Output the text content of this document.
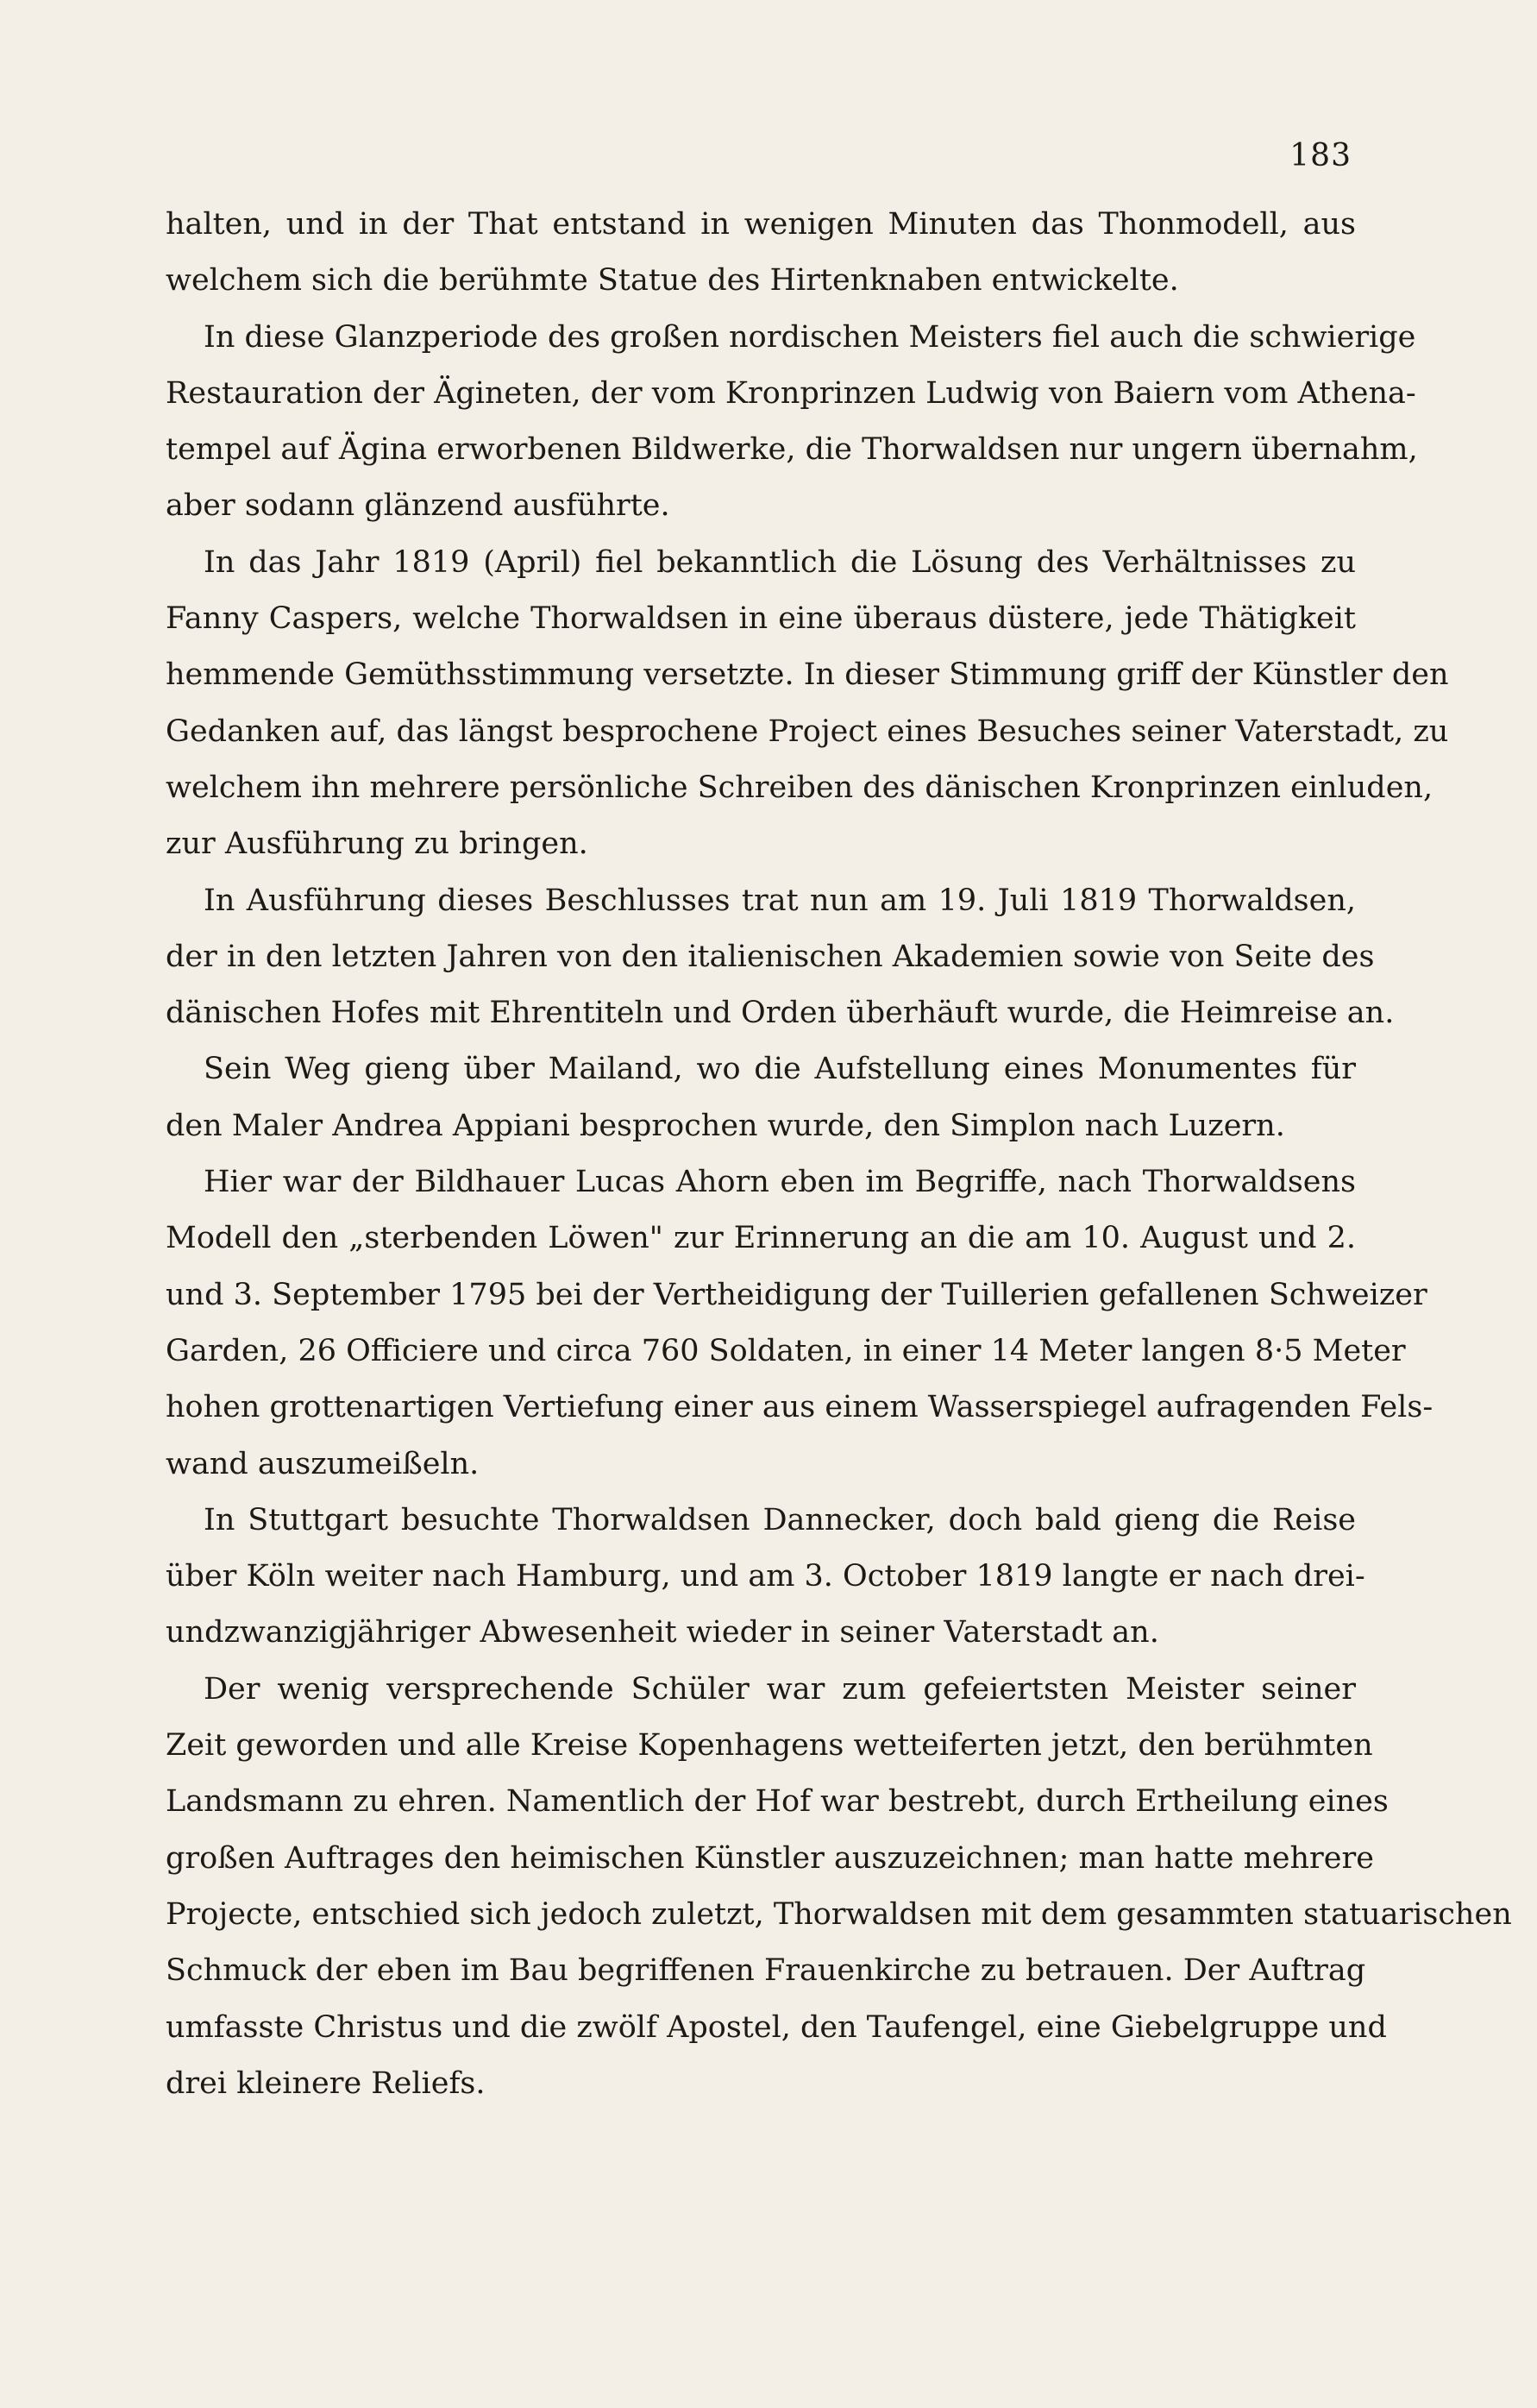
183
halten, und in der That entstand in wenigen Minuten das Thonmodell, aus
welchem sich die berühmte Statue des Hirtenknaben entwickelte.
In diese Glanzperiode des großen nordischen Meisters fiel auch die schwierige
Restauration der Ägineten, der vom Kronprinzen Ludwig von Baiern vom Athena-
tempel auf Ägina erworbenen Bildwerke, die Thorwaldsen nur ungern übernahm,
aber sodann glänzend ausführte.
In das Jahr 1819 (April) fiel bekanntlich die Lösung des Verhältnisses zu
Fanny Caspers, welche Thorwaldsen in eine überaus düstere, jede Thätigkeit
hemmende Gemüthsstimmung versetzte. In dieser Stimmung griff der Künstler den
Gedanken auf, das längst besprochene Project eines Besuches seiner Vaterstadt, zu
welchem ihn mehrere persönliche Schreiben des dänischen Kronprinzen einluden,
zur Ausführung zu bringen.
In Ausführung dieses Beschlusses trat nun am 19. Juli 1819 Thorwaldsen,
der in den letzten Jahren von den italienischen Akademien sowie von Seite des
dänischen Hofes mit Ehrentiteln und Orden überhäuft wurde, die Heimreise an.
Sein Weg gieng über Mailand, wo die Aufstellung eines Monumentes für
den Maler Andrea Appiani besprochen wurde, den Simplon nach Luzern.
Hier war der Bildhauer Lucas Ahorn eben im Begriffe, nach Thorwaldsens
Modell den „sterbenden Löwen" zur Erinnerung an die am 10. August und 2.
und 3. September 1795 bei der Vertheidigung der Tuillerien gefallenen Schweizer
Garden, 26 Officiere und circa 760 Soldaten, in einer 14 Meter langen 8·5 Meter
hohen grottenartigen Vertiefung einer aus einem Wasserspiegel aufragenden Fels-
wand auszumeißeln.
In Stuttgart besuchte Thorwaldsen Dannecker, doch bald gieng die Reise
über Köln weiter nach Hamburg, und am 3. October 1819 langte er nach drei-
undzwanzigjähriger Abwesenheit wieder in seiner Vaterstadt an.
Der wenig versprechende Schüler war zum gefeiertsten Meister seiner
Zeit geworden und alle Kreise Kopenhagens wetteiferten jetzt, den berühmten
Landsmann zu ehren. Namentlich der Hof war bestrebt, durch Ertheilung eines
großen Auftrages den heimischen Künstler auszuzeichnen; man hatte mehrere
Projecte, entschied sich jedoch zuletzt, Thorwaldsen mit dem gesammten statuarischen
Schmuck der eben im Bau begriffenen Frauenkirche zu betrauen. Der Auftrag
umfasste Christus und die zwölf Apostel, den Taufengel, eine Giebelgruppe und
drei kleinere Reliefs.
